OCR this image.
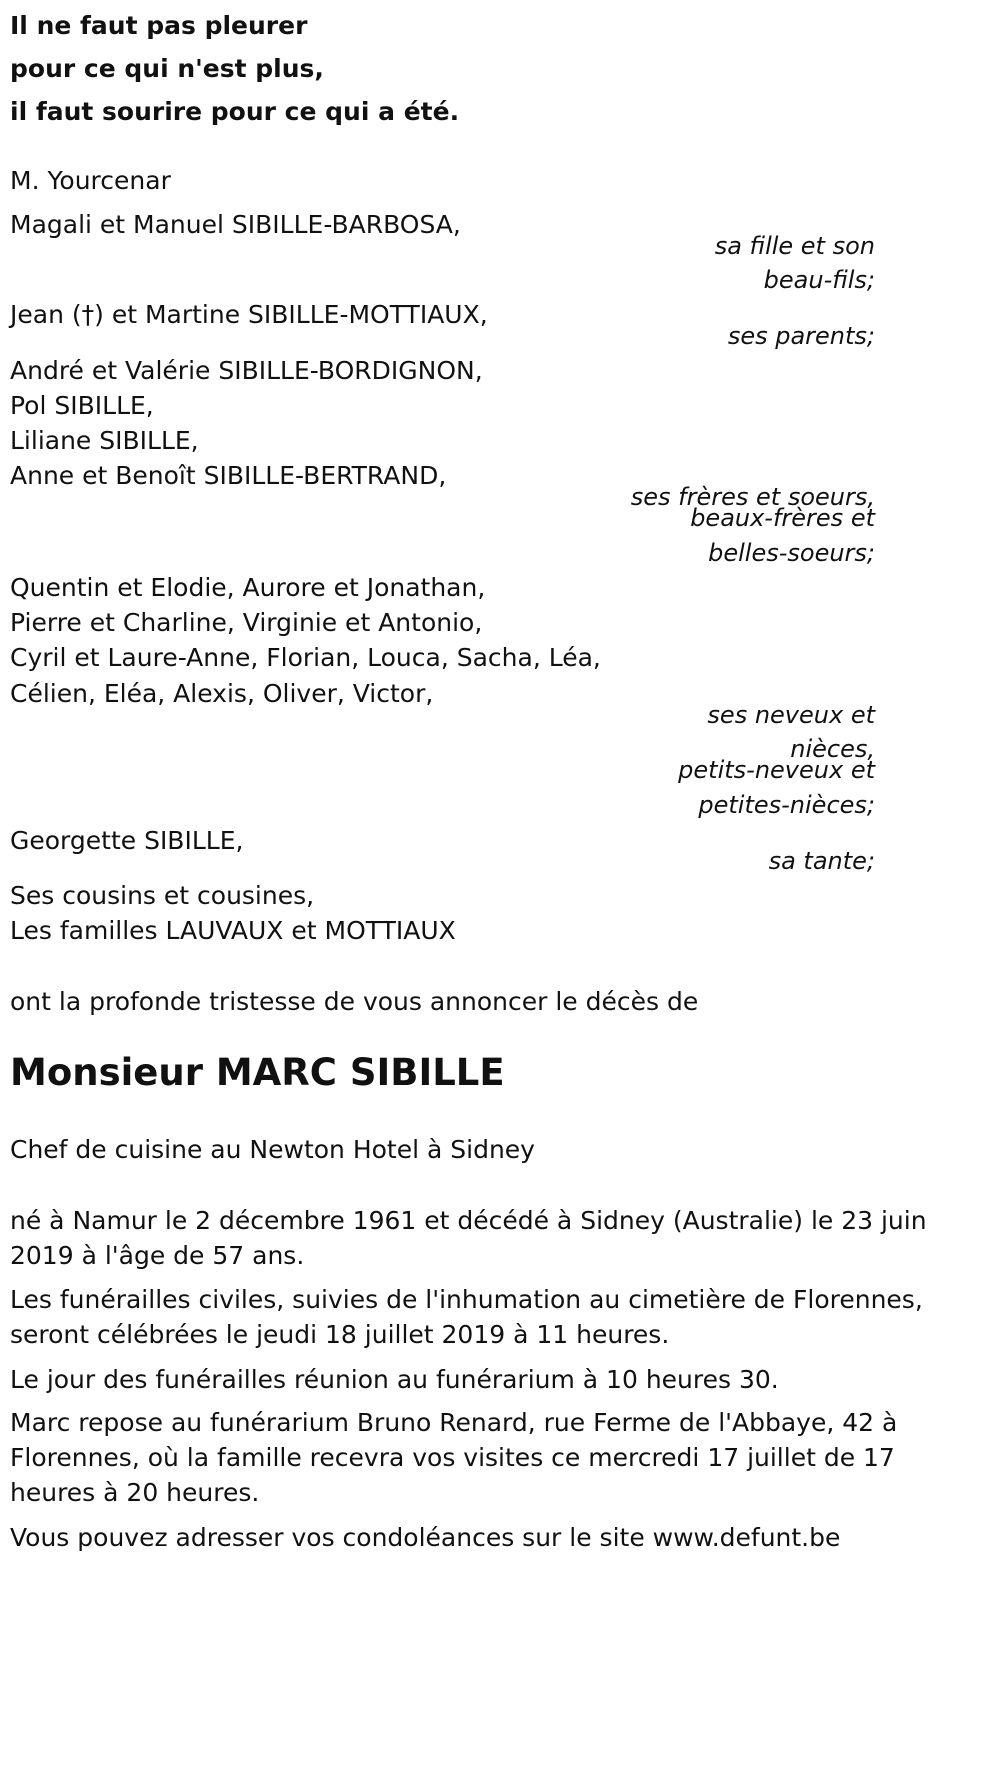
Il ne faut pas pleurer

pour ce qui n'est plus,

il faut sourire pour ce qui a été.

M. Yourcenar

Magali et Manuel SIBILLE-BARBOSA,

sa fille et son

beau-fils;

Jean (†) et Martine SIBILLE-MOTTIAUX,

ses parents;

André et Valérie SIBILLE-BORDIGNON,

Pol SIBILLE,

Liliane SIBILLE,

Anne et Benoît SIBILLE-BERTRAND,

ses frères et soeurs,

beaux-frères et

belles-soeurs;

Quentin et Elodie, Aurore et Jonathan,

Pierre et Charline, Virginie et Antonio,

Cyril et Laure-Anne, Florian, Louca, Sacha, Léa,

Célien, Eléa, Alexis, Oliver, Victor,

ses neveux et

nièces,

petits-neveux et

petites-nièces;

Georgette SIBILLE,

sa tante;

Ses cousins et cousines,

Les familles LAUVAUX et MOTTIAUX

ont la profonde tristesse de vous annoncer le décès de

Monsieur MARC SIBILLE

Chef de cuisine au Newton Hotel à Sidney

né à Namur le 2 décembre 1961 et décédé à Sidney (Australie) le 23 juin

2019 à l'âge de 57 ans.

Les funérailles civiles, suivies de l'inhumation au cimetière de Florennes,

seront célébrées le jeudi 18 juillet 2019 à 11 heures.

Le jour des funérailles réunion au funérarium à 10 heures 30.

Marc repose au funérarium Bruno Renard, rue Ferme de l'Abbaye, 42 à

Florennes, où la famille recevra vos visites ce mercredi 17 juillet de 17

heures à 20 heures.

Vous pouvez adresser vos condoléances sur le site www.defunt.be
